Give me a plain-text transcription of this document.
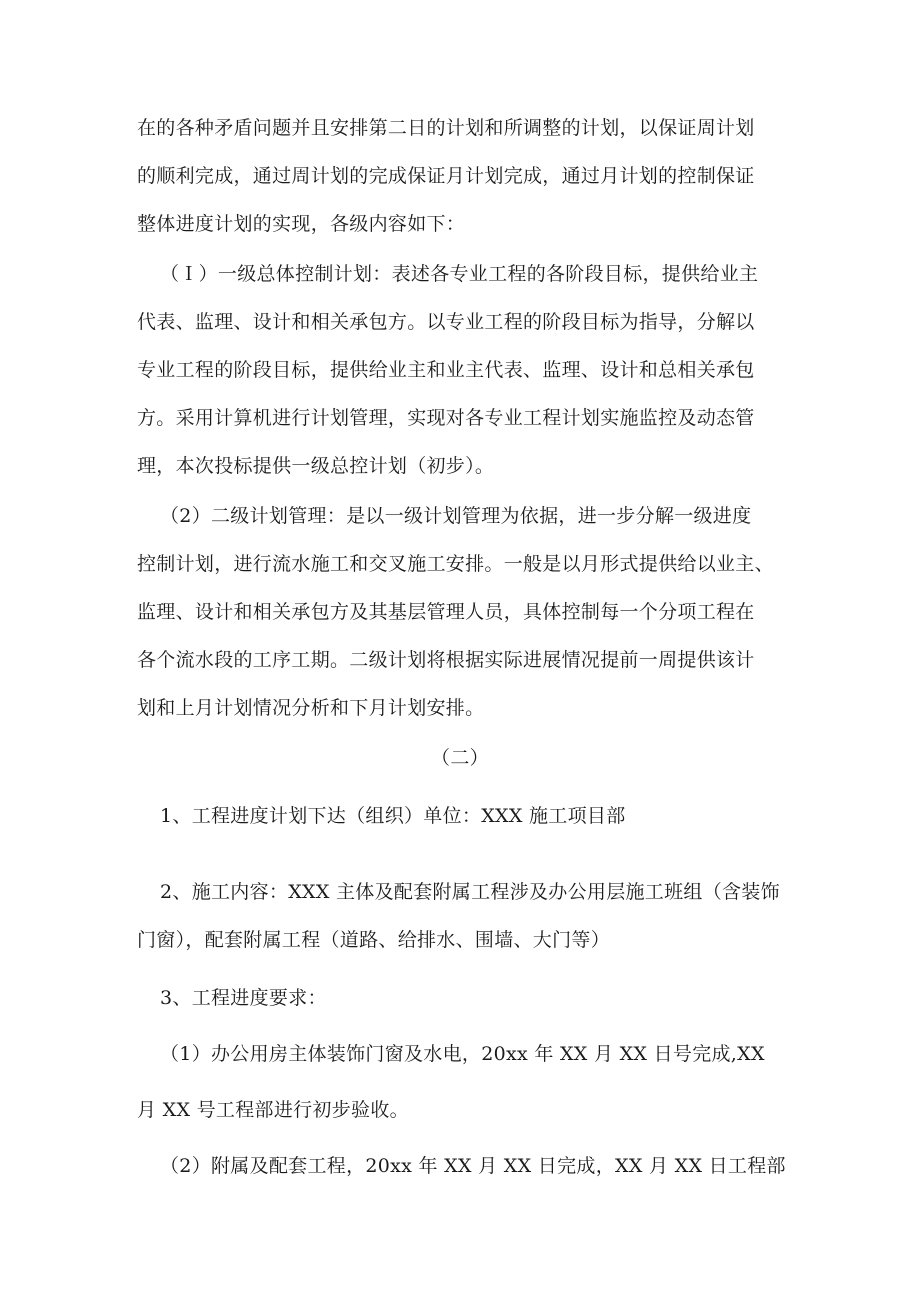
在的各种矛盾问题并且安排第二日的计划和所调整的计划，以保证周计划
的顺利完成，通过周计划的完成保证月计划完成，通过月计划的控制保证
整体进度计划的实现，各级内容如下：
（Ｉ）一级总体控制计划：表述各专业工程的各阶段目标，提供给业主
代表、监理、设计和相关承包方。以专业工程的阶段目标为指导，分解以
专业工程的阶段目标，提供给业主和业主代表、监理、设计和总相关承包
方。采用计算机进行计划管理，实现对各专业工程计划实施监控及动态管
理，本次投标提供一级总控计划（初步）。
（2）二级计划管理：是以一级计划管理为依据，进一步分解一级进度
控制计划，进行流水施工和交叉施工安排。一般是以月形式提供给以业主、
监理、设计和相关承包方及其基层管理人员，具体控制每一个分项工程在
各个流水段的工序工期。二级计划将根据实际进展情况提前一周提供该计
划和上月计划情况分析和下月计划安排。
（二）
1、工程进度计划下达（组织）单位：XXX 施工项目部
2、施工内容：XXX 主体及配套附属工程涉及办公用层施工班组（含装饰
门窗），配套附属工程（道路、给排水、围墙、大门等）
3、工程进度要求：
（1）办公用房主体装饰门窗及水电，20xx 年 XX 月 XX 日号完成,XX
月 XX 号工程部进行初步验收。
（2）附属及配套工程，20xx 年 XX 月 XX 日完成，XX 月 XX 日工程部
